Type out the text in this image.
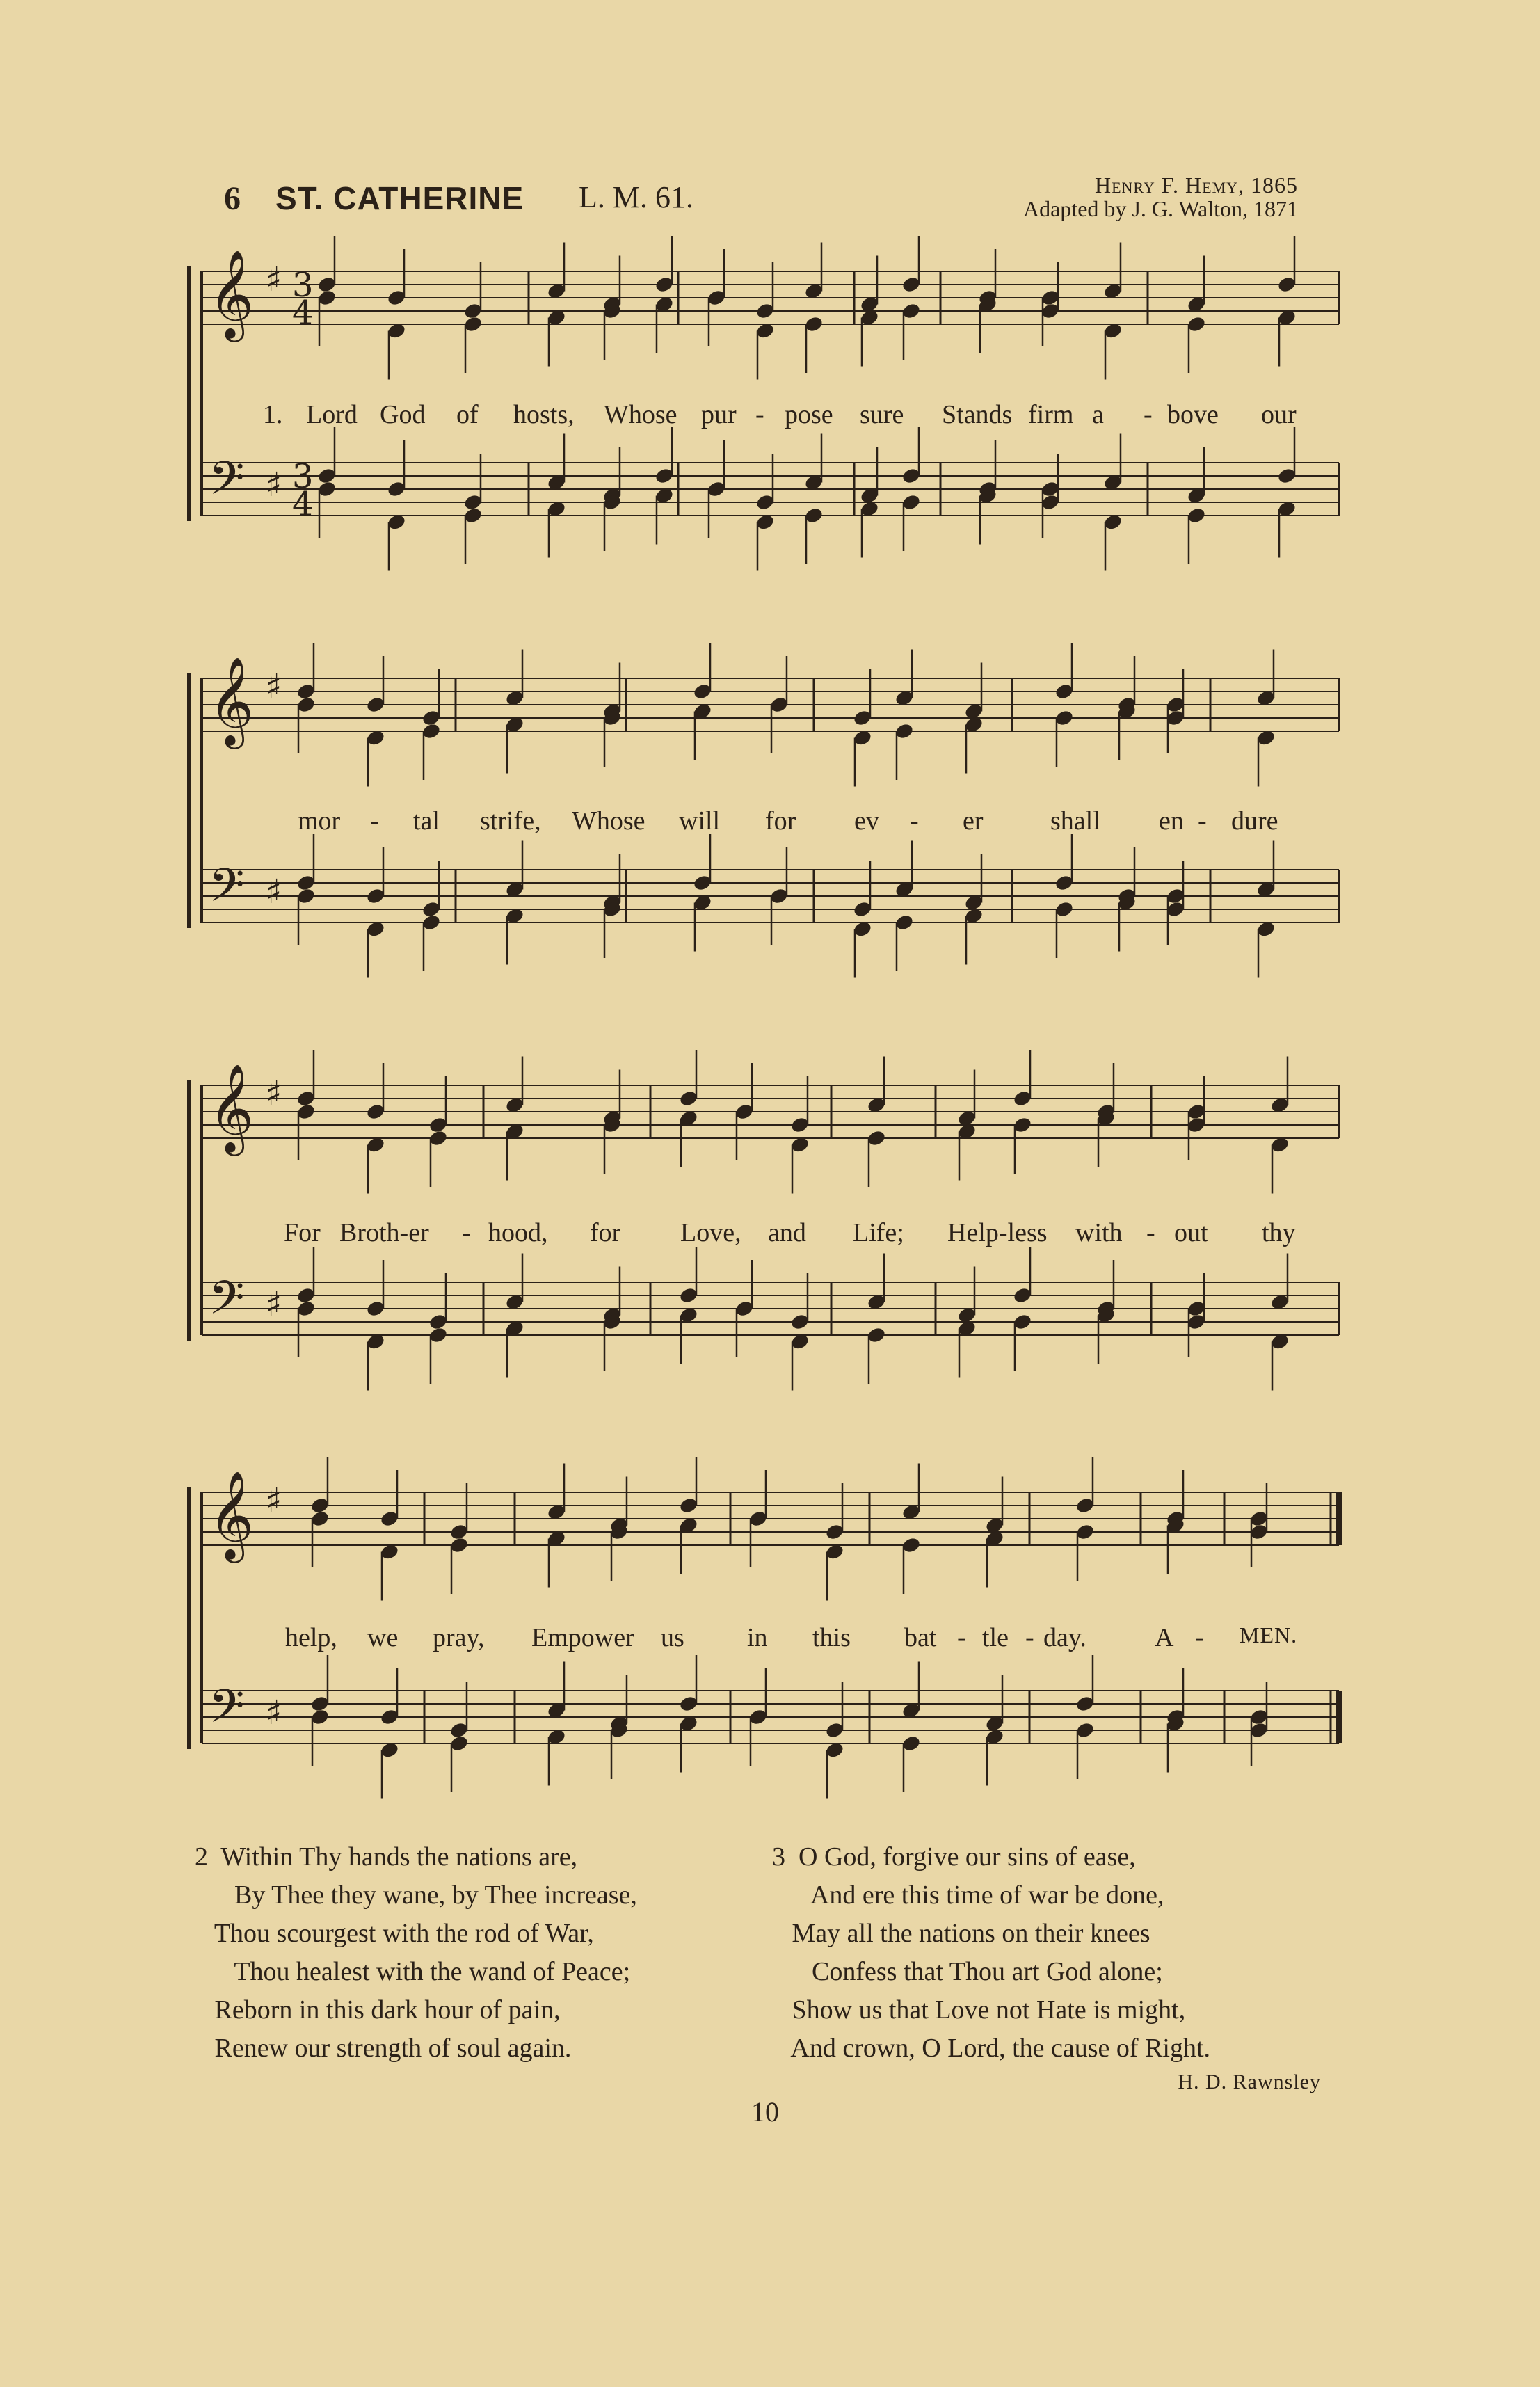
6 ST. CATHERINE L. M. 61.	Henry F. Hemy, 1865
Adapted by J. G. Walton, 1871
𝄞 ♯
𝄢 ♯
𝄞 ♯
𝄢 ♯
𝄞 ♯
𝄢 ♯
𝄞 ♯
𝄢 ♯
3
4
3
4
1. Lord God of hosts, Whose pur - pose sure Stands firm a - bove our
mor - tal strife, Whose will for ev - er	shall en - dure
For Broth-er - hood, for Love, and Life; Help-less with - out thy
help, we pray, Empower us in this bat - tle - day.	A - MEN.
2  Within Thy hands the nations are,
By Thee they wane, by Thee increase,
Thou scourgest with the rod of War,
Thou healest with the wand of Peace;
Reborn in this dark hour of pain,
Renew our strength of soul again.
3  O God, forgive our sins of ease,
And ere this time of war be done,
May all the nations on their knees
Confess that Thou art God alone;
Show us that Love not Hate is might,
And crown, O Lord, the cause of Right.
H. D. Rawnsley
10
